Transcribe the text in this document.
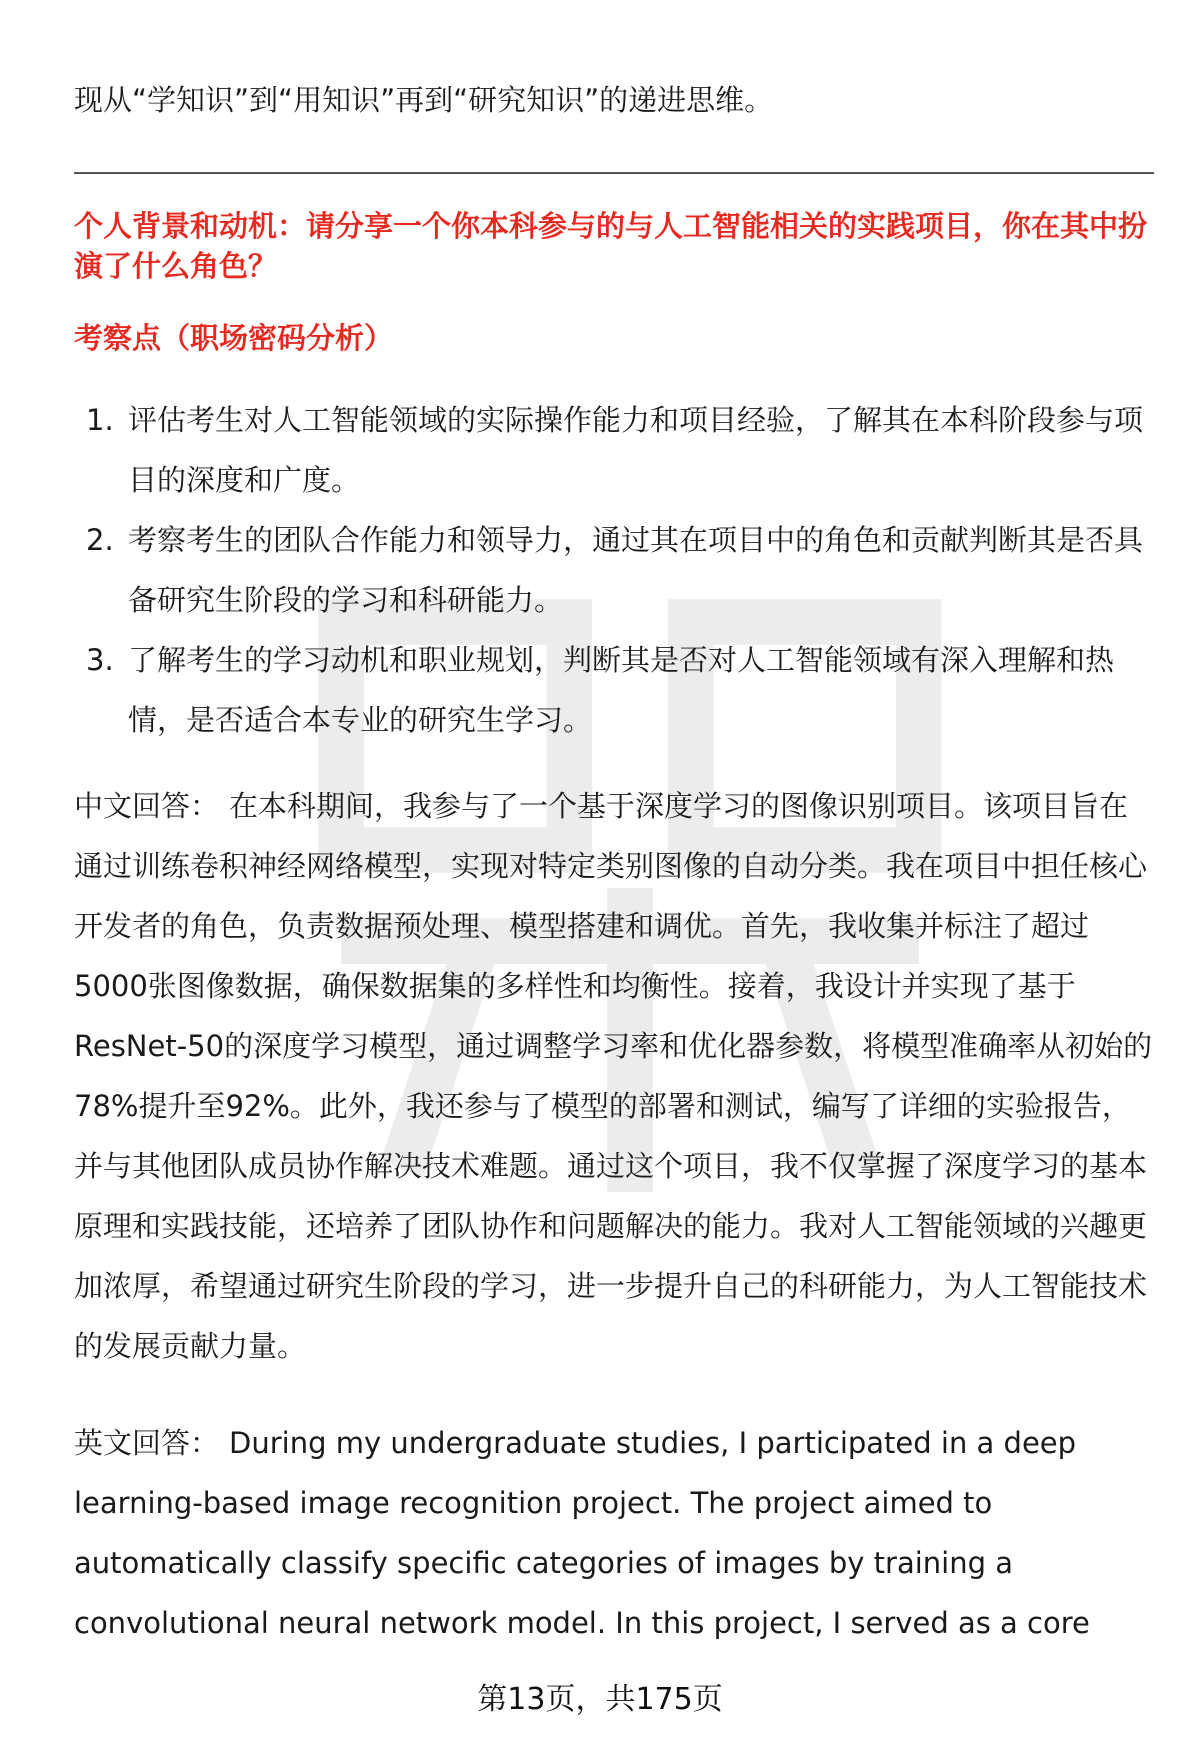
现从“学知识”到“用知识”再到“研究知识”的递进思维。

个人背景和动机：请分享一个你本科参与的与人工智能相关的实践项目，你在其中扮演了什么角色？

考察点（职场密码分析）

1. 评估考生对人工智能领域的实际操作能力和项目经验，了解其在本科阶段参与项目的深度和广度。
2. 考察考生的团队合作能力和领导力，通过其在项目中的角色和贡献判断其是否具备研究生阶段的学习和科研能力。
3. 了解考生的学习动机和职业规划，判断其是否对人工智能领域有深入理解和热情，是否适合本专业的研究生学习。

中文回答： 在本科期间，我参与了一个基于深度学习的图像识别项目。该项目旨在通过训练卷积神经网络模型，实现对特定类别图像的自动分类。我在项目中担任核心开发者的角色，负责数据预处理、模型搭建和调优。首先，我收集并标注了超过5000张图像数据，确保数据集的多样性和均衡性。接着，我设计并实现了基于ResNet-50的深度学习模型，通过调整学习率和优化器参数，将模型准确率从初始的78%提升至92%。此外，我还参与了模型的部署和测试，编写了详细的实验报告，并与其他团队成员协作解决技术难题。通过这个项目，我不仅掌握了深度学习的基本原理和实践技能，还培养了团队协作和问题解决的能力。我对人工智能领域的兴趣更加浓厚，希望通过研究生阶段的学习，进一步提升自己的科研能力，为人工智能技术的发展贡献力量。

英文回答： During my undergraduate studies, I participated in a deep learning-based image recognition project. The project aimed to automatically classify specific categories of images by training a convolutional neural network model. In this project, I served as a core

第13页，共175页
